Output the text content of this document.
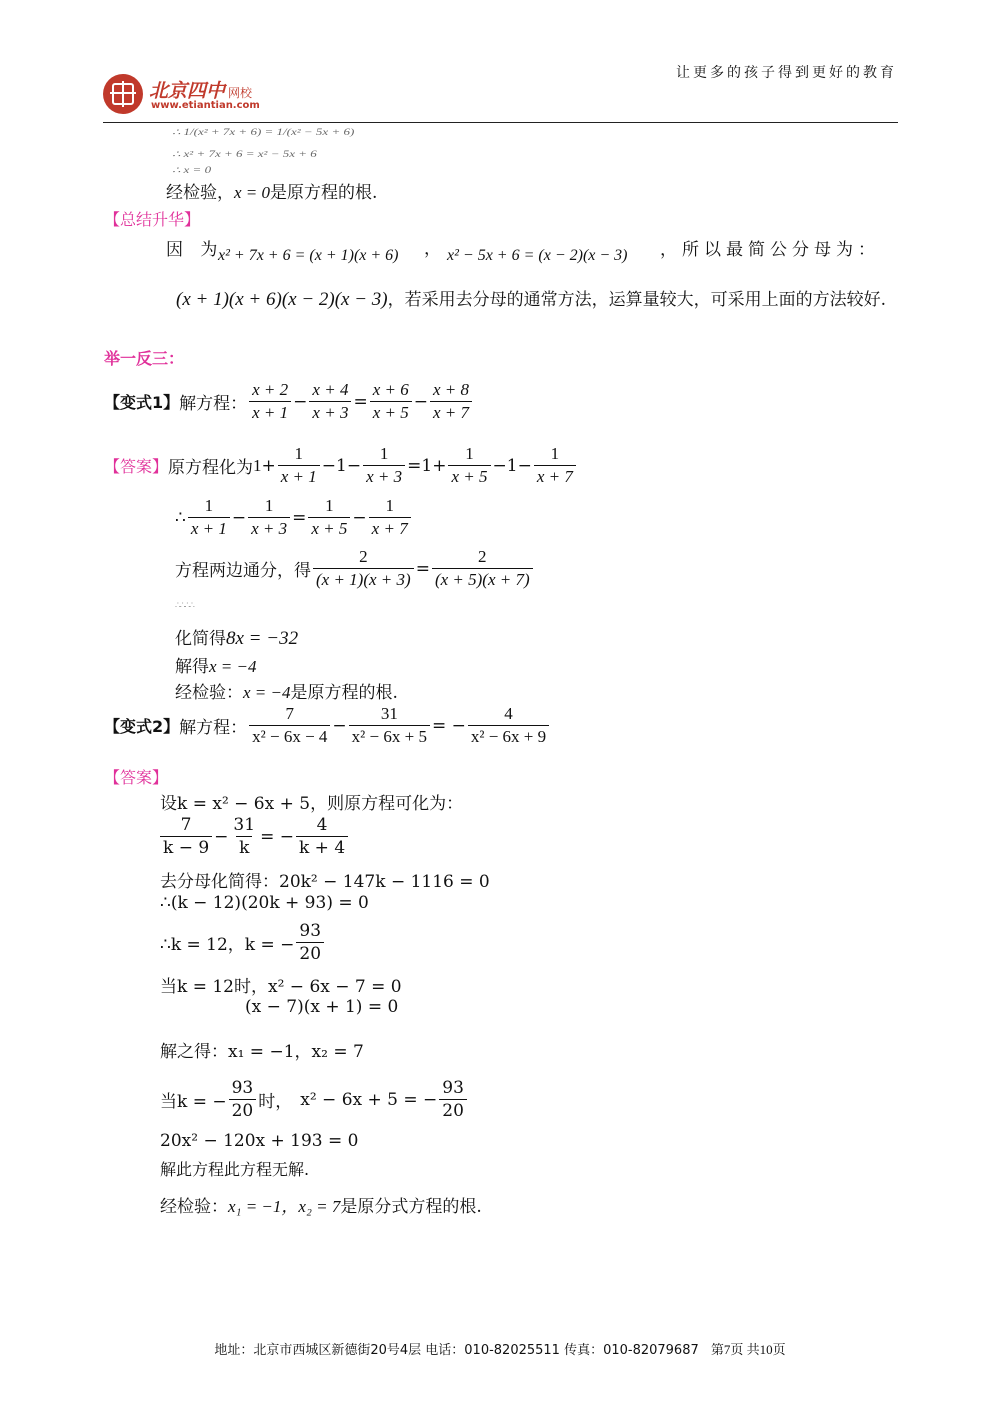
让更多的孩子得到更好的教育
北京四中 网校
www.etiantian.com
∴ 1/(x² + 7x + 6) = 1/(x² − 5x + 6)
∴ x² + 7x + 6 = x² − 5x + 6
∴ x = 0
经检验，x = 0是原方程的根.
【总结升华】
因 为
x² + 7x + 6 = (x + 1)(x + 6) ， x² − 5x + 6 = (x − 2)(x − 3) ，所以最简公分母为：
(x + 1)(x + 6)(x − 2)(x − 3)，若采用去分母的通常方法，运算量较大，可采用上面的方法较好.
举一反三：
【变式1】 解方程： $\frac{x + 2}{x + 1} - \frac{x + 4}{x + 3} = \frac{x + 6}{x + 5} - \frac{x + 8}{x + 7}$
【答案】 原方程化为 $1 + \frac{1}{x + 1} - 1 - \frac{1}{x + 3} = 1 + \frac{1}{x + 5} - 1 - \frac{1}{x + 7}$
∴ $\frac{1}{x + 1} - \frac{1}{x + 3} = \frac{1}{x + 5} - \frac{1}{x + 7}$
方程两边通分，得 $\frac{2}{(x + 1)(x + 3)} = \frac{2}{(x + 5)(x + 7)}$
∴∴∴∴
化简得8x = −32
解得x = −4
经检验：x = −4是原方程的根.
【变式2】 解方程： $\frac{7}{\text{x² − 6x − 4}} - \frac{31}{\text{x² − 6x + 5}}$ = − $\frac{4}{\text{x² − 6x + 9}}$
【答案】
设k = x² − 6x + 5，则原方程可化为：
$\frac{7}{k - 9} - \frac{31}{k}$ = − $\frac{4}{k + 4}$
去分母化简得：20k² − 147k − 1116 = 0
∴(k − 12)(20k + 93) = 0
∴k = 12，k = − $\frac{93}{20}$
当k = 12时，x² − 6x − 7 = 0
(x − 7)(x + 1) = 0
解之得：x₁ = −1，x₂ = 7
当k = − $\frac{93}{20}$ 时， x² − 6x + 5 = − $\frac{93}{20}$
20x² − 120x + 193 = 0
解此方程此方程无解.
经检验：x₁ = −1，x₂ = 7是原分式方程的根.
地址：北京市西城区新德街20号4层 电话：010-82025511 传真：010-82079687 第7页 共10页
